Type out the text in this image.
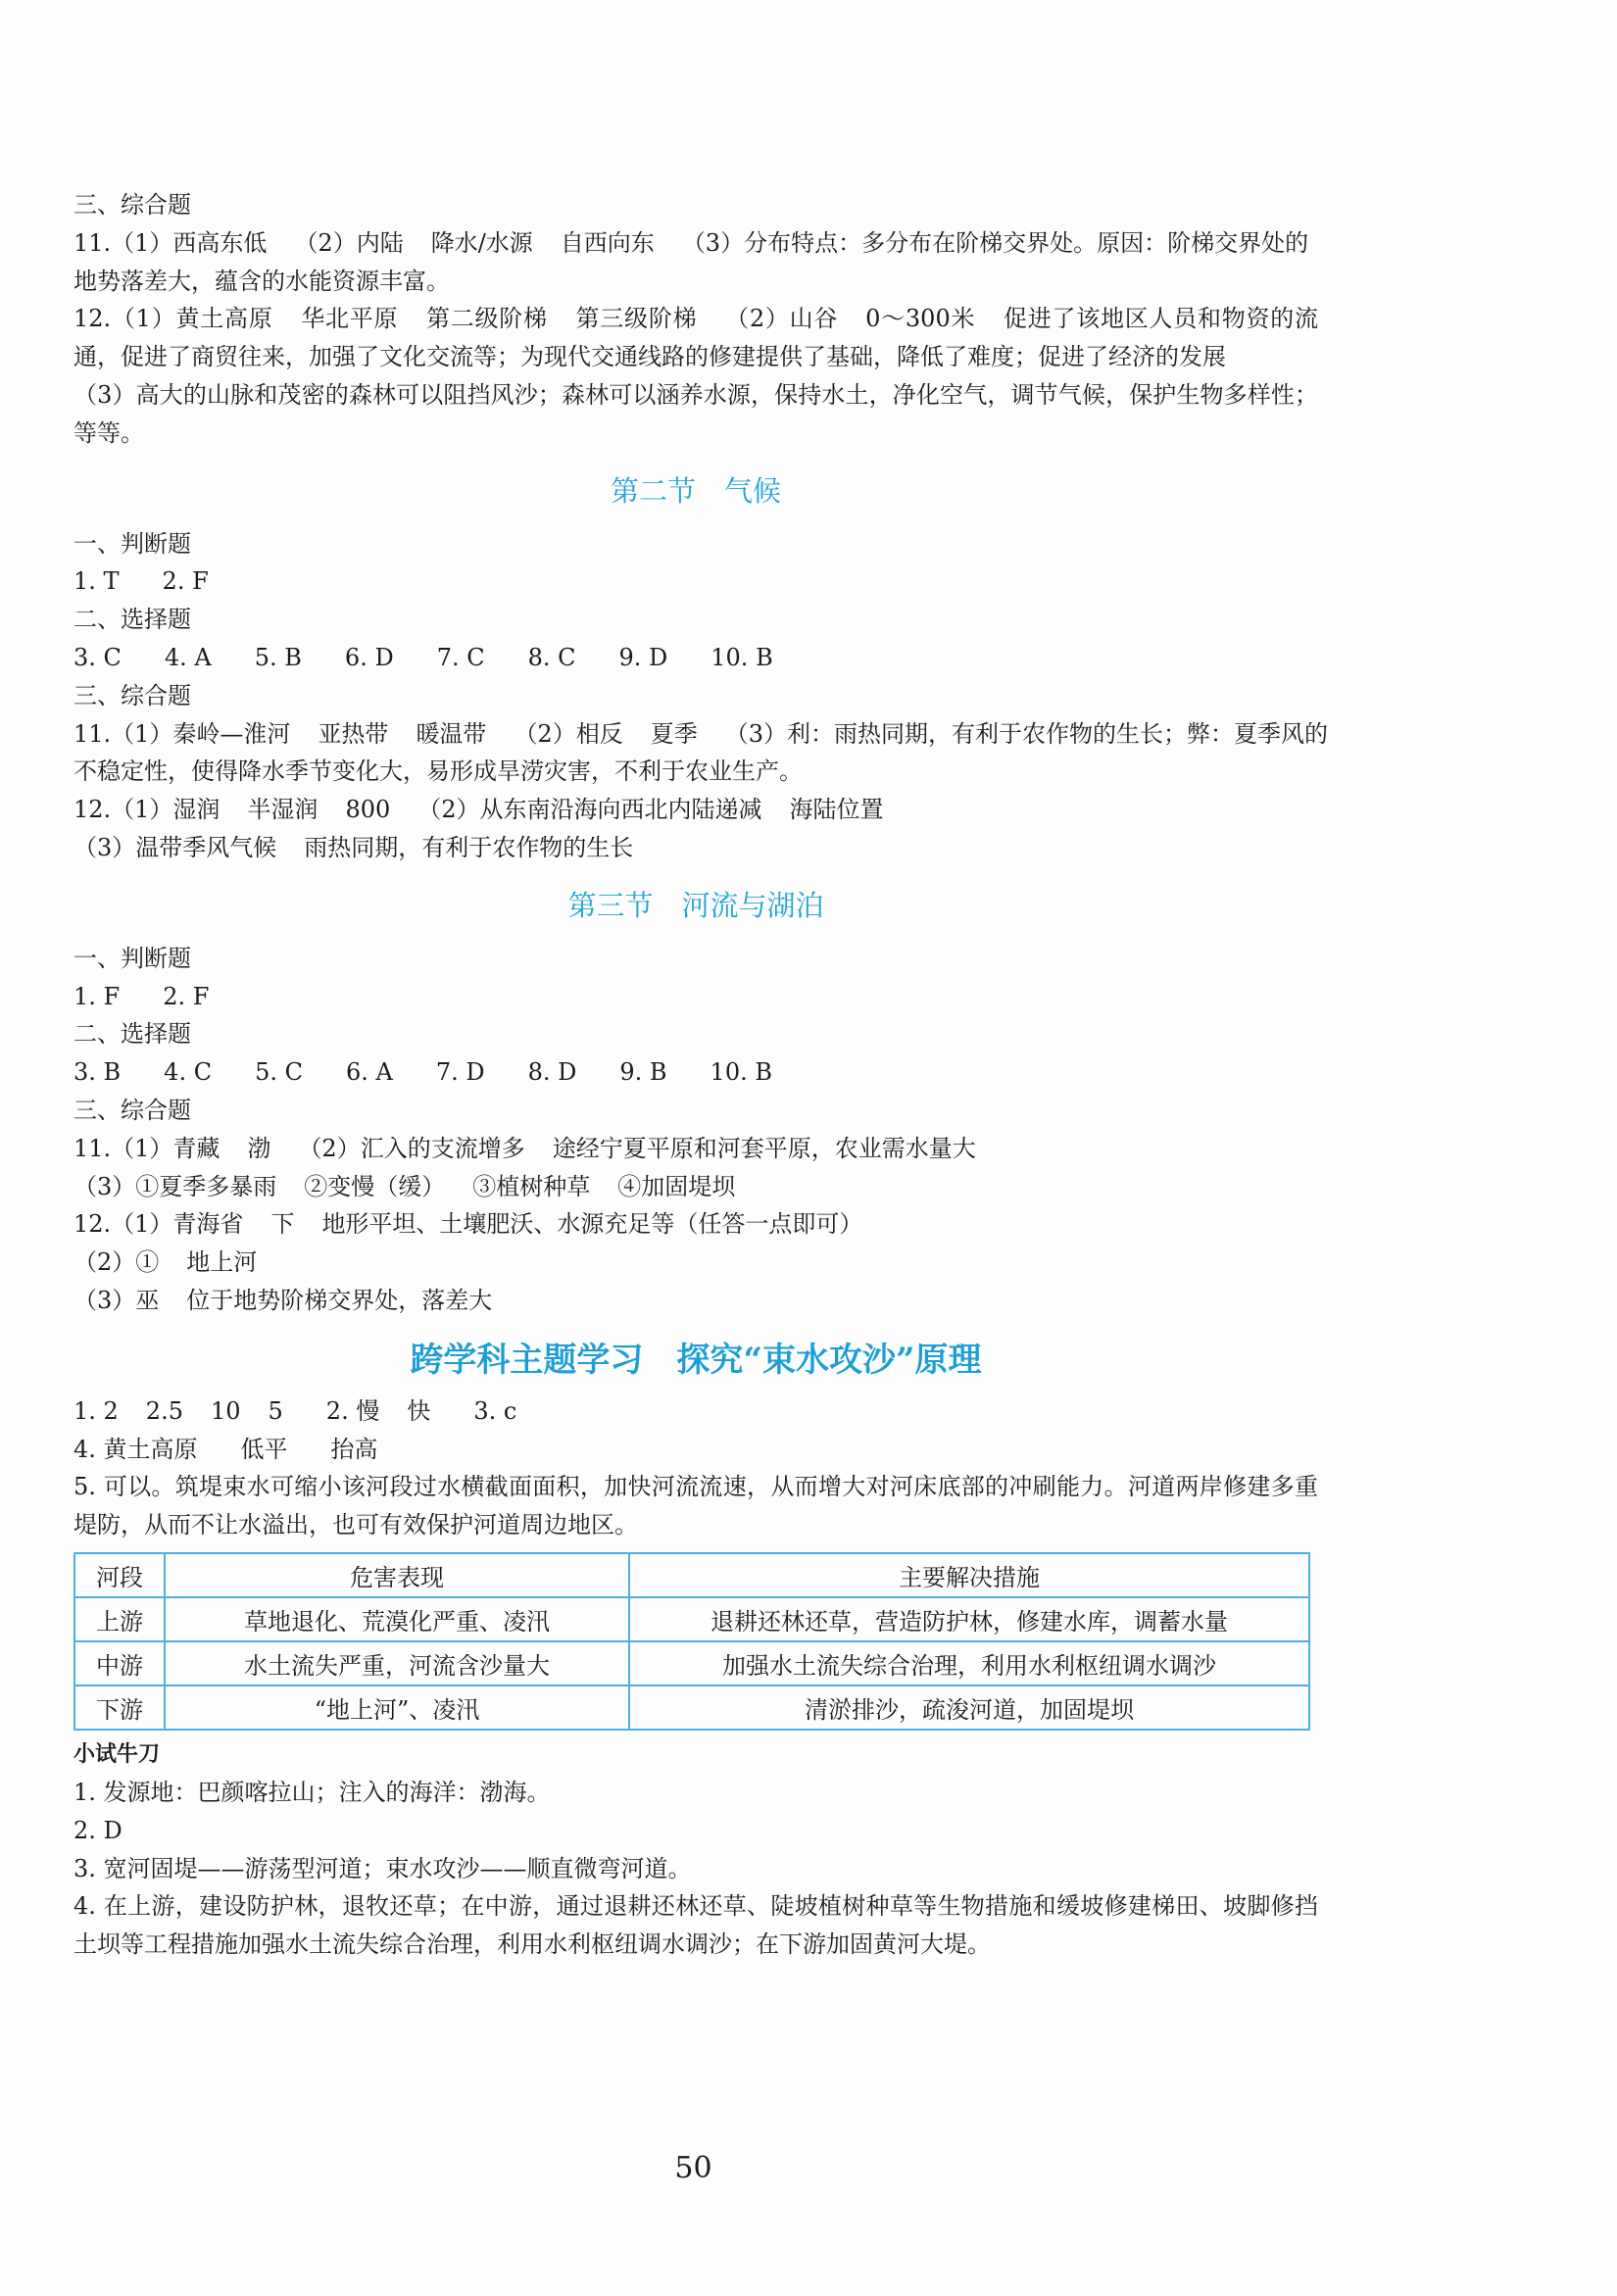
三、综合题
11.（1）西高东低 （2）内陆 降水/水源 自西向东 （3）分布特点：多分布在阶梯交界处。原因：阶梯交界处的
地势落差大，蕴含的水能资源丰富。
12.（1）黄土高原 华北平原 第二级阶梯 第三级阶梯 （2）山谷 0～300米 促进了该地区人员和物资的流通，促进了商贸往来，加强了文化交流等；为现代交通线路的修建提供了基础，降低了难度；促进了经济的发展
（3）高大的山脉和茂密的森林可以阻挡风沙；森林可以涵养水源，保持水土，净化空气，调节气候，保护生物多样性；等等。
第二节　气候
一、判断题
1. T 2. F
二、选择题
3. C 4. A 5. B 6. D 7. C 8. C 9. D 10. B
三、综合题
11.（1）秦岭—淮河 亚热带 暖温带 （2）相反 夏季 （3）利：雨热同期，有利于农作物的生长；弊：夏季风的
不稳定性，使得降水季节变化大，易形成旱涝灾害，不利于农业生产。
12.（1）湿润 半湿润 800 （2）从东南沿海向西北内陆递减 海陆位置
（3）温带季风气候 雨热同期，有利于农作物的生长
第三节　河流与湖泊
一、判断题
1. F 2. F
二、选择题
3. B 4. C 5. C 6. A 7. D 8. D 9. B 10. B
三、综合题
11.（1）青藏 渤 （2）汇入的支流增多 途经宁夏平原和河套平原，农业需水量大
（3）①夏季多暴雨 ②变慢（缓） ③植树种草 ④加固堤坝
12.（1）青海省 下 地形平坦、土壤肥沃、水源充足等（任答一点即可）
（2）① 地上河
（3）巫 位于地势阶梯交界处，落差大
跨学科主题学习　探究“束水攻沙”原理
1. 2 2.5 10 5 2. 慢 快 3. c
4. 黄土高原 低平 抬高
5. 可以。筑堤束水可缩小该河段过水横截面面积，加快河流流速，从而增大对河床底部的冲刷能力。河道两岸修建多重堤防，从而不让水溢出，也可有效保护河道周边地区。
河段	危害表现	主要解决措施
上游	草地退化、荒漠化严重、凌汛	退耕还林还草，营造防护林，修建水库，调蓄水量
中游	水土流失严重，河流含沙量大	加强水土流失综合治理，利用水利枢纽调水调沙
下游	“地上河”、凌汛	清淤排沙，疏浚河道，加固堤坝
小试牛刀
1. 发源地：巴颜喀拉山；注入的海洋：渤海。
2. D
3. 宽河固堤——游荡型河道；束水攻沙——顺直微弯河道。
4. 在上游，建设防护林，退牧还草；在中游，通过退耕还林还草、陡坡植树种草等生物措施和缓坡修建梯田、坡脚修挡土坝等工程措施加强水土流失综合治理，利用水利枢纽调水调沙；在下游加固黄河大堤。
50
